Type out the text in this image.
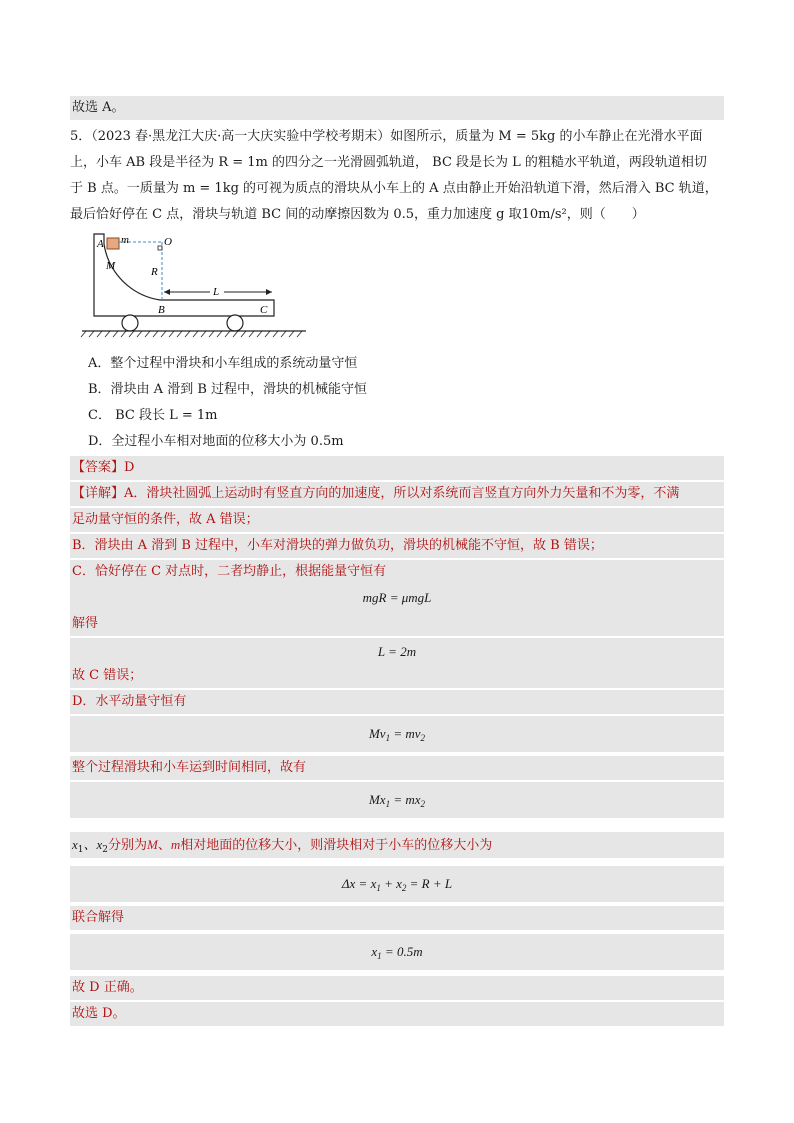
故选 A。
5．（2023 春·黑龙江大庆·高一大庆实验中学校考期末）如图所示，质量为 M = 5kg 的小车静止在光滑水平面
上，小车 AB 段是半径为 R = 1m 的四分之一光滑圆弧轨道， BC 段是长为 L 的粗糙水平轨道，两段轨道相切
于 B 点。一质量为 m = 1kg 的可视为质点的滑块从小车上的 A 点由静止开始沿轨道下滑，然后滑入 BC 轨道，
最后恰好停在 C 点，滑块与轨道 BC 间的动摩擦因数为 0.5，重力加速度 g 取10m/s²，则（　　）
A m	O
R
M
B
L
C
A．整个过程中滑块和小车组成的系统动量守恒
B．滑块由 A 滑到 B 过程中，滑块的机械能守恒
C． BC 段长 L = 1m
D．全过程小车相对地面的位移大小为 0.5m
【答案】D
【详解】A．滑块社圆弧上运动时有竖直方向的加速度，所以对系统而言竖直方向外力矢量和不为零，不满
足动量守恒的条件，故 A 错误；
B．滑块由 A 滑到 B 过程中，小车对滑块的弹力做负功，滑块的机械能不守恒，故 B 错误；
C．恰好停在 C 对点时，二者均静止，根据能量守恒有
mgR = μmgL
解得
L = 2m
故 C 错误；
D．水平动量守恒有
$Mv_1 = mv_2$
整个过程滑块和小车运到时间相同，故有
$Mx_1 = mx_2$
$x_1$、$x_2$分别为M、m相对地面的位移大小，则滑块相对于小车的位移大小为
$\Delta x = x_1 + x_2 = R + L$
联合解得
$x_1 = 0.5m$
故 D 正确。
故选 D。
